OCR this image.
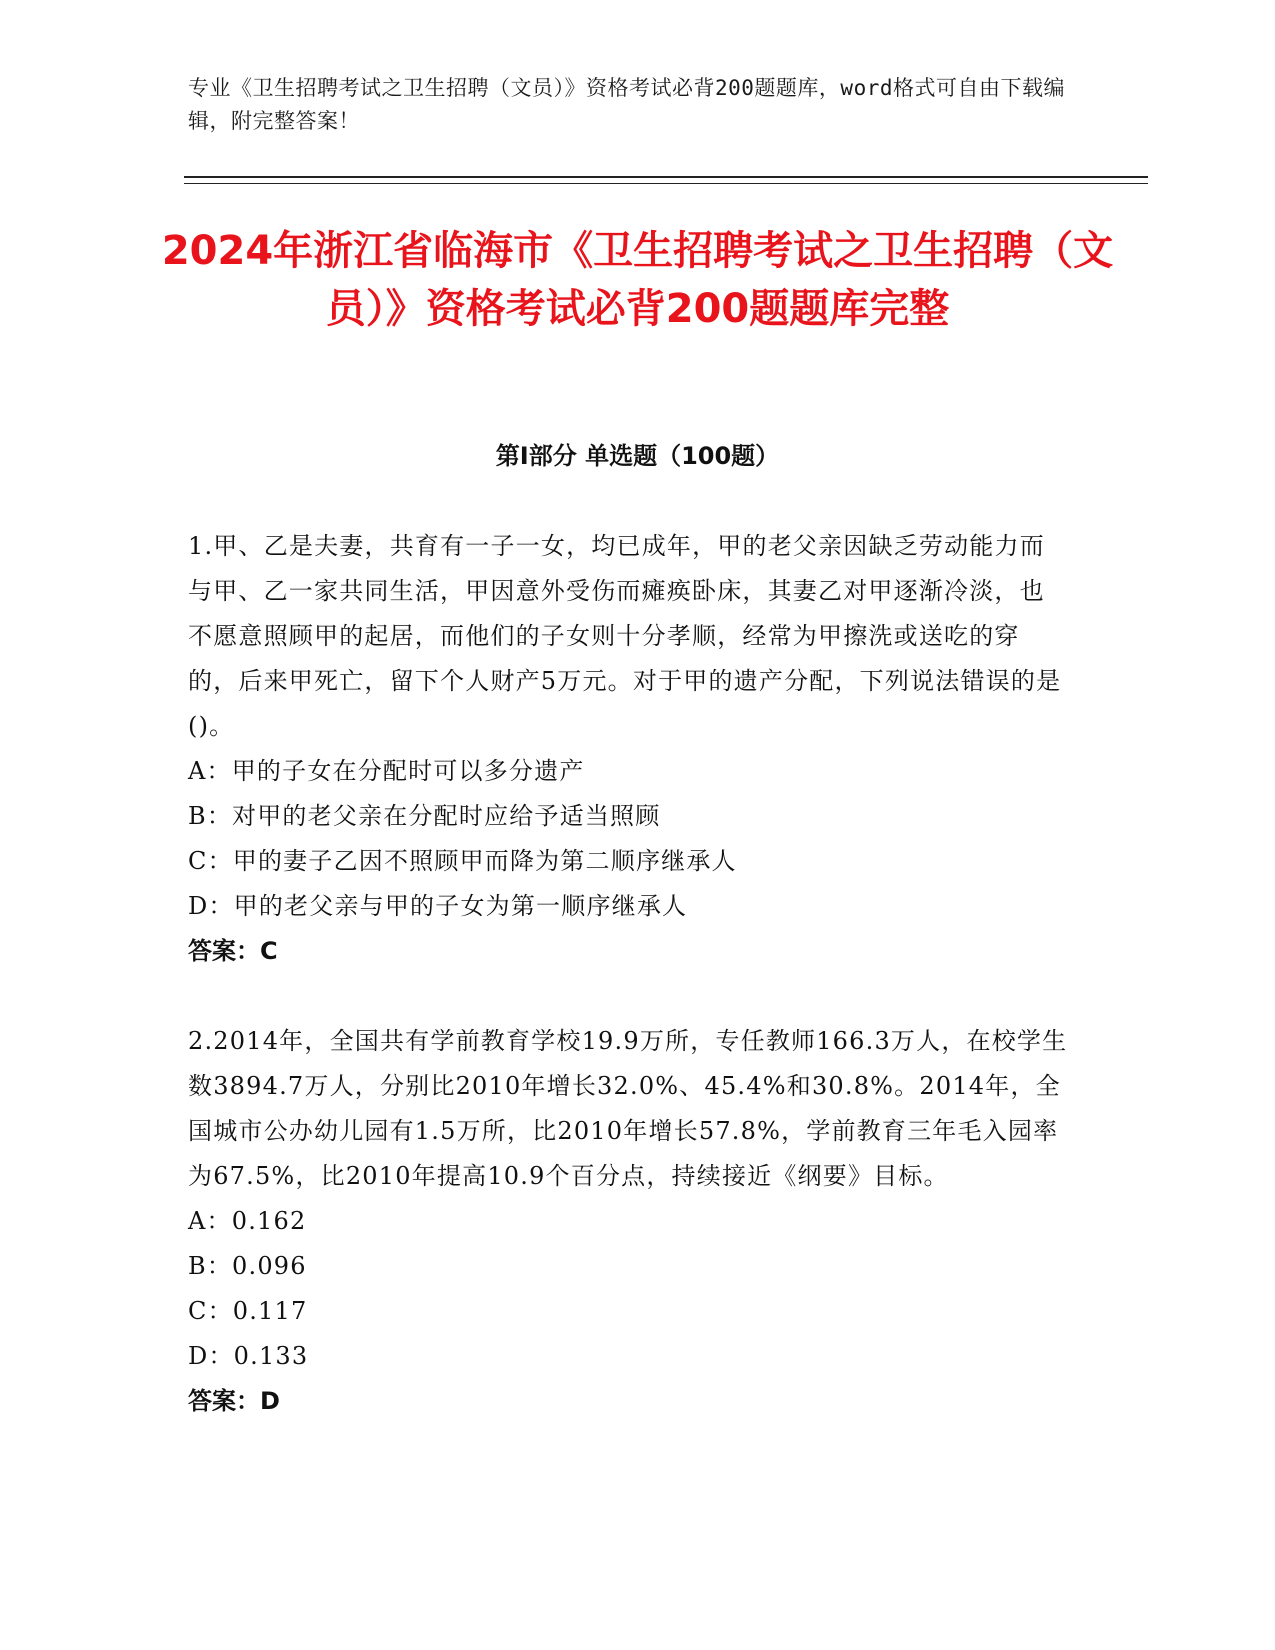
专业《卫生招聘考试之卫生招聘（文员）》资格考试必背200题题库，word格式可自由下载编辑，附完整答案！
2024年浙江省临海市《卫生招聘考试之卫生招聘（文员）》资格考试必背200题题库完整
第I部分 单选题（100题）

1.甲、乙是夫妻，共育有一子一女，均已成年，甲的老父亲因缺乏劳动能力而与甲、乙一家共同生活，甲因意外受伤而瘫痪卧床，其妻乙对甲逐渐冷淡，也不愿意照顾甲的起居，而他们的子女则十分孝顺，经常为甲擦洗或送吃的穿的，后来甲死亡，留下个人财产5万元。对于甲的遗产分配，下列说法错误的是()。

A：甲的子女在分配时可以多分遗产

B：对甲的老父亲在分配时应给予适当照顾

C：甲的妻子乙因不照顾甲而降为第二顺序继承人

D：甲的老父亲与甲的子女为第一顺序继承人

答案：C

2.2014年，全国共有学前教育学校19.9万所，专任教师166.3万人，在校学生数3894.7万人，分别比2010年增长32.0%、45.4%和30.8%。2014年，全国城市公办幼儿园有1.5万所，比2010年增长57.8%，学前教育三年毛入园率为67.5%，比2010年提高10.9个百分点，持续接近《纲要》目标。

A：0.162

B：0.096

C：0.117

D：0.133

答案：D
